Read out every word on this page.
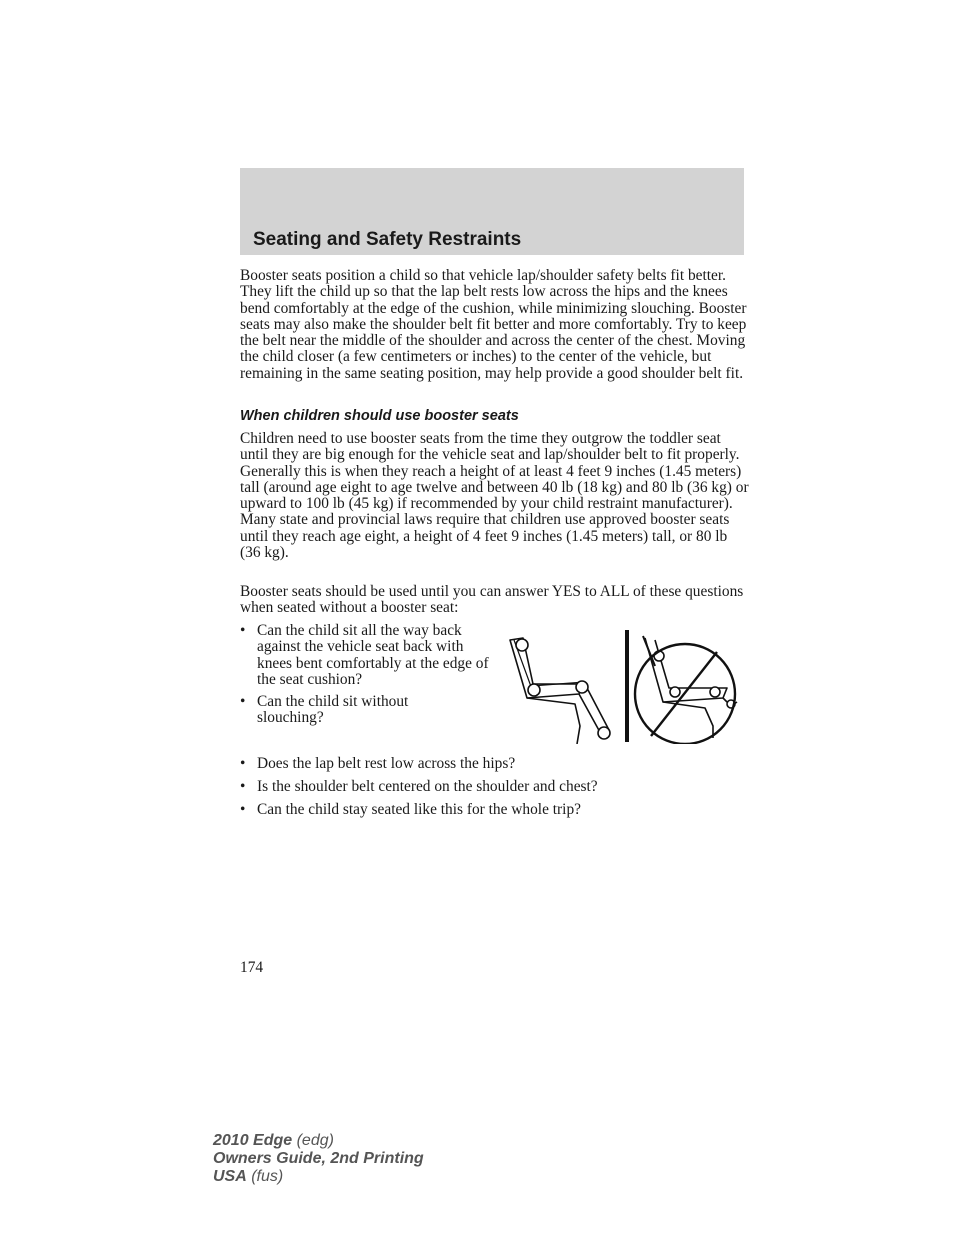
Seating and Safety Restraints

Booster seats position a child so that vehicle lap/shoulder safety belts fit better. They lift the child up so that the lap belt rests low across the hips and the knees bend comfortably at the edge of the cushion, while minimizing slouching. Booster seats may also make the shoulder belt fit better and more comfortably. Try to keep the belt near the middle of the shoulder and across the center of the chest. Moving the child closer (a few centimeters or inches) to the center of the vehicle, but remaining in the same seating position, may help provide a good shoulder belt fit.

When children should use booster seats

Children need to use booster seats from the time they outgrow the toddler seat until they are big enough for the vehicle seat and lap/shoulder belt to fit properly. Generally this is when they reach a height of at least 4 feet 9 inches (1.45 meters) tall (around age eight to age twelve and between 40 lb (18 kg) and 80 lb (36 kg) or upward to 100 lb (45 kg) if recommended by your child restraint manufacturer). Many state and provincial laws require that children use approved booster seats until they reach age eight, a height of 4 feet 9 inches (1.45 meters) tall, or 80 lb (36 kg).

Booster seats should be used until you can answer YES to ALL of these questions when seated without a booster seat:

• Can the child sit all the way back against the vehicle seat back with knees bent comfortably at the edge of the seat cushion?
• Can the child sit without slouching?
• Does the lap belt rest low across the hips?
• Is the shoulder belt centered on the shoulder and chest?
• Can the child stay seated like this for the whole trip?

174

2010 Edge (edg)
Owners Guide, 2nd Printing
USA (fus)
